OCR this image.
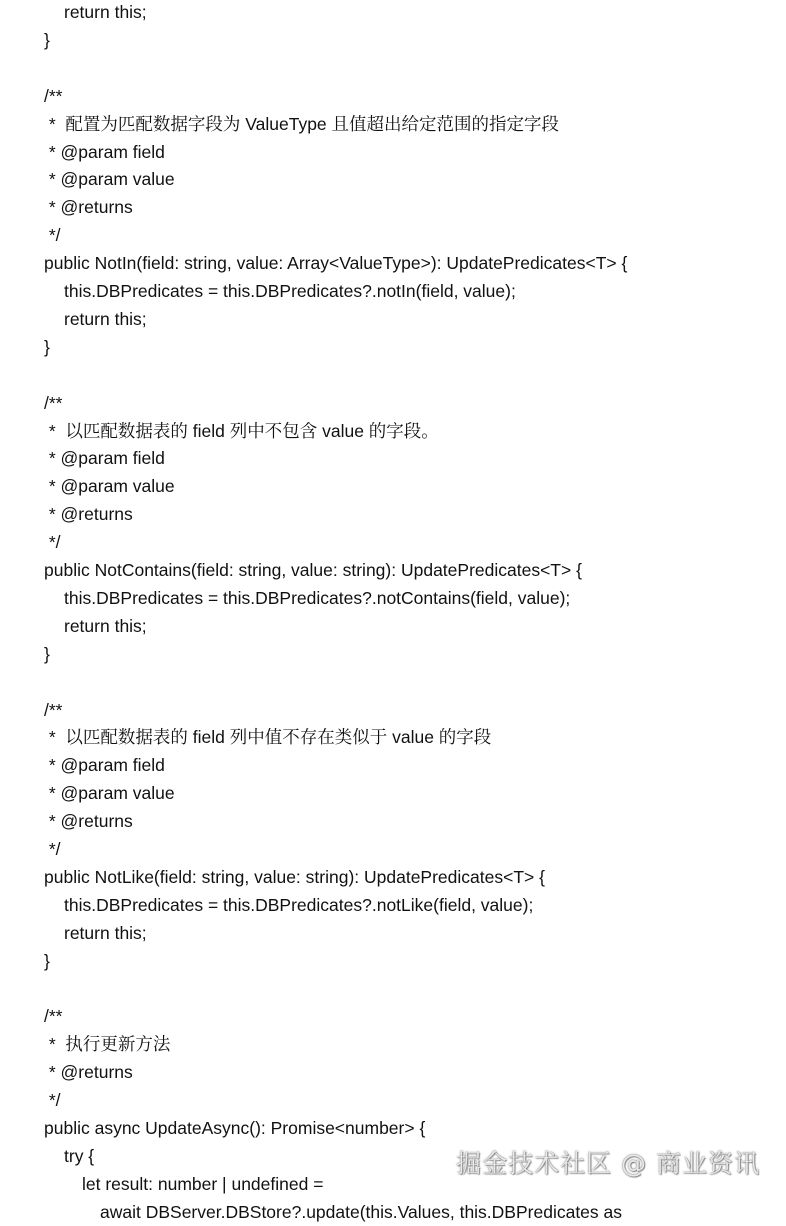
return this;
}
/**
*  配置为匹配数据字段为 ValueType 且值超出给定范围的指定字段
* @param field
* @param value
* @returns
*/
public NotIn(field: string, value: Array<ValueType>): UpdatePredicates<T> {
this.DBPredicates = this.DBPredicates?.notIn(field, value);
return this;
}
/**
*  以匹配数据表的 field 列中不包含 value 的字段。
* @param field
* @param value
* @returns
*/
public NotContains(field: string, value: string): UpdatePredicates<T> {
this.DBPredicates = this.DBPredicates?.notContains(field, value);
return this;
}
/**
*  以匹配数据表的 field 列中值不存在类似于 value 的字段
* @param field
* @param value
* @returns
*/
public NotLike(field: string, value: string): UpdatePredicates<T> {
this.DBPredicates = this.DBPredicates?.notLike(field, value);
return this;
}
/**
*  执行更新方法
* @returns
*/
public async UpdateAsync(): Promise<number> {
try {
let result: number | undefined =
await DBServer.DBStore?.update(this.Values, this.DBPredicates as
掘金技术社区 @ 商业资讯
